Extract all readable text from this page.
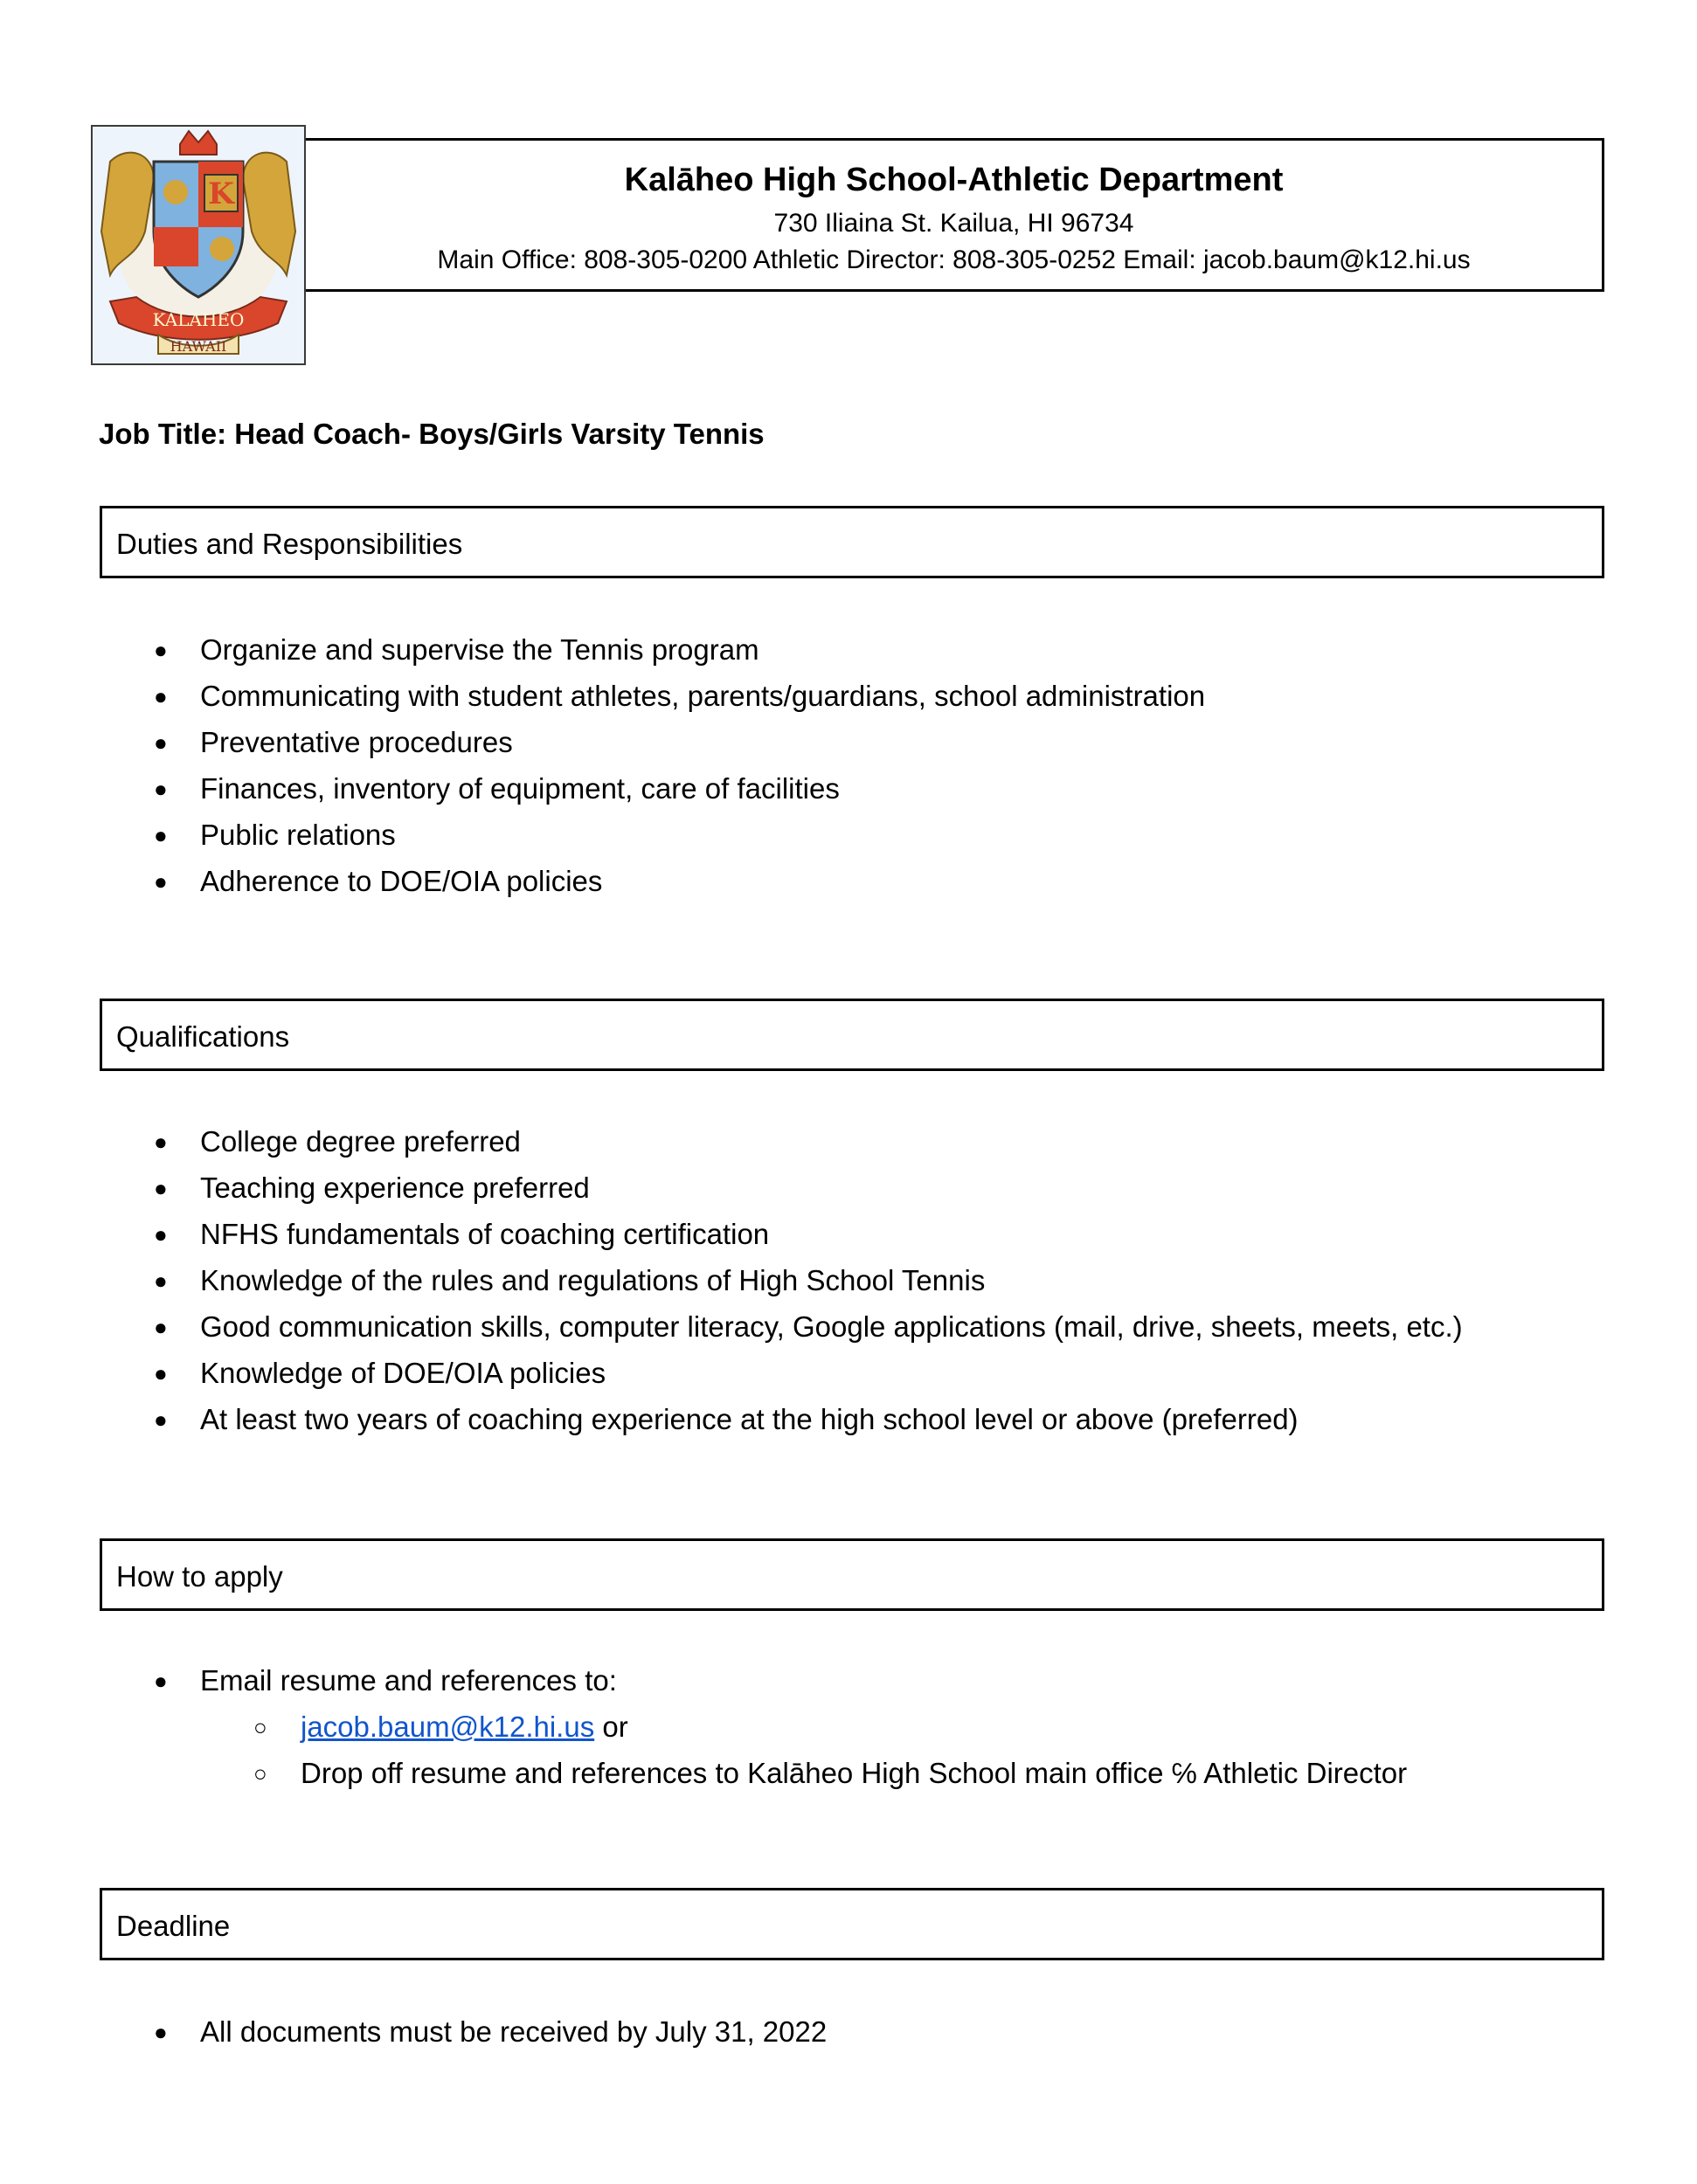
K
KALAHEO
HAWAII
Kalāheo High School-Athletic Department
730 Iliaina St. Kailua, HI 96734
Main Office: 808-305-0200 Athletic Director: 808-305-0252 Email: jacob.baum@k12.hi.us
Job Title: Head Coach- Boys/Girls Varsity Tennis
Duties and Responsibilities
● Organize and supervise the Tennis program
● Communicating with student athletes, parents/guardians, school administration
● Preventative procedures
● Finances, inventory of equipment, care of facilities
● Public relations
● Adherence to DOE/OIA policies
Qualifications
● College degree preferred
● Teaching experience preferred
● NFHS fundamentals of coaching certification
● Knowledge of the rules and regulations of High School Tennis
● Good communication skills, computer literacy, Google applications (mail, drive, sheets, meets, etc.)
● Knowledge of DOE/OIA policies
● At least two years of coaching experience at the high school level or above (preferred)
How to apply
● Email resume and references to:
○ jacob.baum@k12.hi.us or
○ Drop off resume and references to Kalāheo High School main office ℅ Athletic Director
Deadline
● All documents must be received by July 31, 2022
